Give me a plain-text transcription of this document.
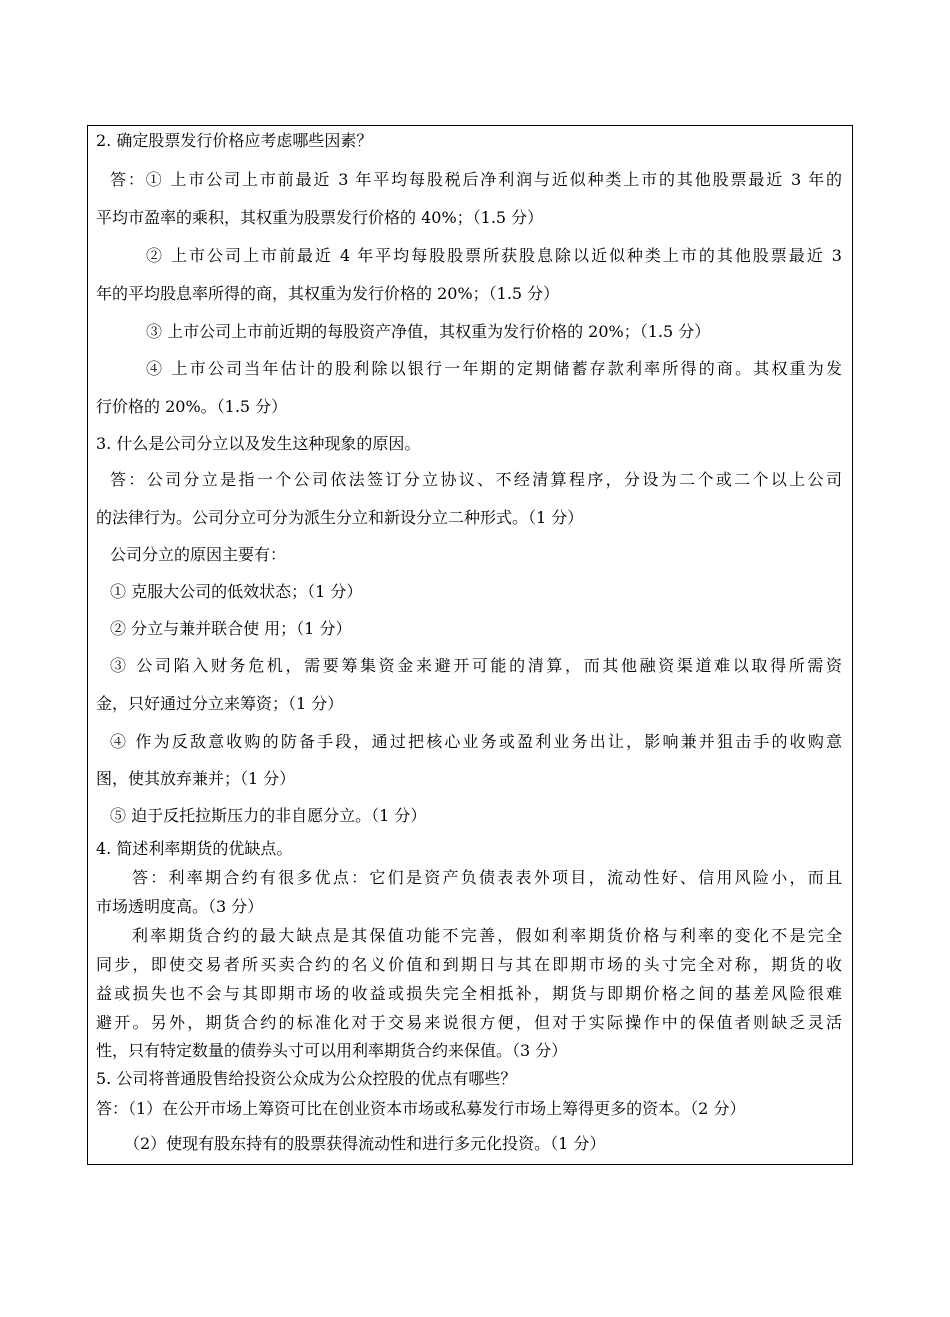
2. 确定股票发行价格应考虑哪些因素？
答：① 上市公司上市前最近 3 年平均每股税后净利润与近似种类上市的其他股票最近 3 年的
平均市盈率的乘积，其权重为股票发行价格的 40%；（1.5 分）
② 上市公司上市前最近 4 年平均每股股票所获股息除以近似种类上市的其他股票最近 3
年的平均股息率所得的商，其权重为发行价格的 20%；（1.5 分）
③ 上市公司上市前近期的每股资产净值，其权重为发行价格的 20%；（1.5 分）
④ 上市公司当年估计的股利除以银行一年期的定期储蓄存款利率所得的商。其权重为发
行价格的 20%。（1.5 分）
3. 什么是公司分立以及发生这种现象的原因。
答：公司分立是指一个公司依法签订分立协议、不经清算程序，分设为二个或二个以上公司
的法律行为。公司分立可分为派生分立和新设分立二种形式。（1 分）
公司分立的原因主要有：
① 克服大公司的低效状态；（1 分）
② 分立与兼并联合使 用；（1 分）
③ 公司陷入财务危机，需要筹集资金来避开可能的清算，而其他融资渠道难以取得所需资
金，只好通过分立来筹资；（1 分）
④ 作为反敌意收购的防备手段，通过把核心业务或盈利业务出让，影响兼并狙击手的收购意
图，使其放弃兼并；（1 分）
⑤ 迫于反托拉斯压力的非自愿分立。（1 分）
4. 简述利率期货的优缺点。
答：利率期合约有很多优点：它们是资产负债表表外项目，流动性好、信用风险小，而且
市场透明度高。（3 分）
利率期货合约的最大缺点是其保值功能不完善，假如利率期货价格与利率的变化不是完全
同步，即使交易者所买卖合约的名义价值和到期日与其在即期市场的头寸完全对称，期货的收
益或损失也不会与其即期市场的收益或损失完全相抵补，期货与即期价格之间的基差风险很难
避开。另外，期货合约的标准化对于交易来说很方便，但对于实际操作中的保值者则缺乏灵活
性，只有特定数量的债券头寸可以用利率期货合约来保值。（3 分）
5. 公司将普通股售给投资公众成为公众控股的优点有哪些？
答：（1）在公开市场上筹资可比在创业资本市场或私募发行市场上筹得更多的资本。（2 分）
（2）使现有股东持有的股票获得流动性和进行多元化投资。（1 分）
